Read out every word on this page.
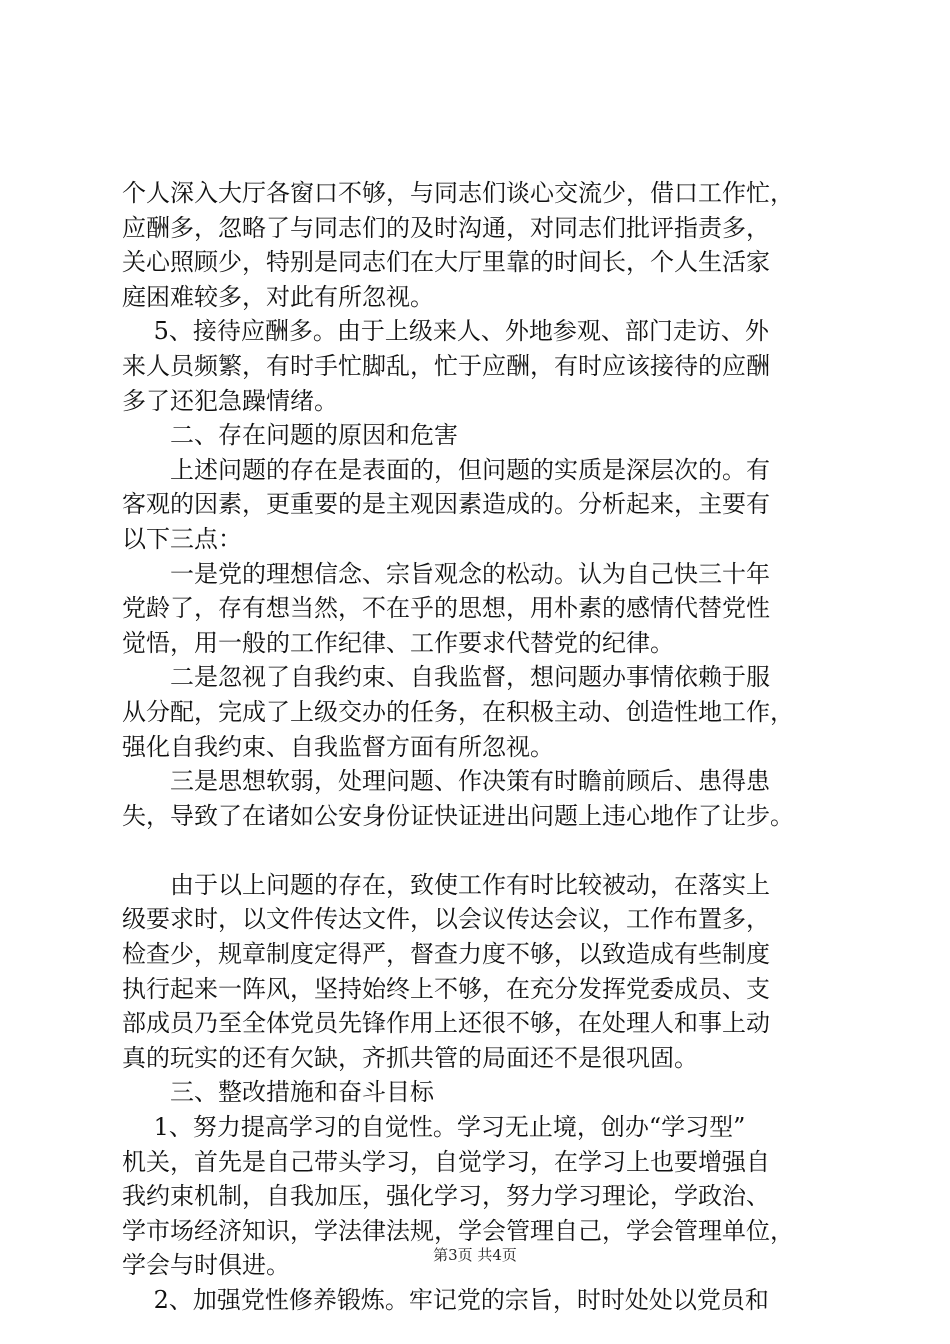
个人深入大厅各窗口不够，与同志们谈心交流少，借口工作忙，
应酬多，忽略了与同志们的及时沟通，对同志们批评指责多，
关心照顾少，特别是同志们在大厅里靠的时间长，个人生活家
庭困难较多，对此有所忽视。
　 5、接待应酬多。由于上级来人、外地参观、部门走访、外
来人员频繁，有时手忙脚乱，忙于应酬，有时应该接待的应酬
多了还犯急躁情绪。
　　二、存在问题的原因和危害
　　上述问题的存在是表面的，但问题的实质是深层次的。有
客观的因素，更重要的是主观因素造成的。分析起来，主要有
以下三点：
　　一是党的理想信念、宗旨观念的松动。认为自己快三十年
党龄了，存有想当然，不在乎的思想，用朴素的感情代替党性
觉悟，用一般的工作纪律、工作要求代替党的纪律。
　　二是忽视了自我约束、自我监督，想问题办事情依赖于服
从分配，完成了上级交办的任务，在积极主动、创造性地工作，
强化自我约束、自我监督方面有所忽视。
　　三是思想软弱，处理问题、作决策有时瞻前顾后、患得患
失，导致了在诸如公安身份证快证进出问题上违心地作了让步。
　　由于以上问题的存在，致使工作有时比较被动，在落实上
级要求时，以文件传达文件，以会议传达会议，工作布置多，
检查少，规章制度定得严，督查力度不够，以致造成有些制度
执行起来一阵风，坚持始终上不够，在充分发挥党委成员、支
部成员乃至全体党员先锋作用上还很不够，在处理人和事上动
真的玩实的还有欠缺，齐抓共管的局面还不是很巩固。
　　三、整改措施和奋斗目标
　 1、努力提高学习的自觉性。学习无止境，创办“学习型”
机关，首先是自己带头学习，自觉学习，在学习上也要增强自
我约束机制，自我加压，强化学习，努力学习理论，学政治、
学市场经济知识，学法律法规，学会管理自己，学会管理单位，
学会与时俱进。
　 2、加强党性修养锻炼。牢记党的宗旨，时时处处以党员和
第3页 共4页
